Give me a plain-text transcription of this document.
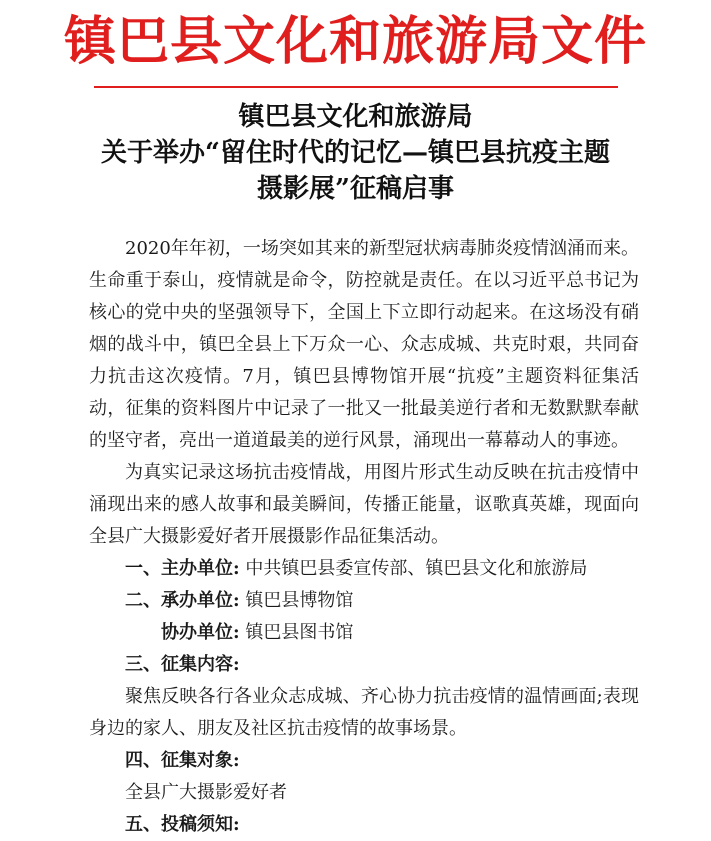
镇巴县文化和旅游局文件
镇巴县文化和旅游局
关于举办“留住时代的记忆—镇巴县抗疫主题
摄影展”征稿启事

2020年年初，一场突如其来的新型冠状病毒肺炎疫情汹涌而来。生命重于泰山，疫情就是命令，防控就是责任。在以习近平总书记为核心的党中央的坚强领导下，全国上下立即行动起来。在这场没有硝烟的战斗中，镇巴全县上下万众一心、众志成城、共克时艰，共同奋力抗击这次疫情。7月，镇巴县博物馆开展“抗疫”主题资料征集活动，征集的资料图片中记录了一批又一批最美逆行者和无数默默奉献的坚守者，亮出一道道最美的逆行风景，涌现出一幕幕动人的事迹。

为真实记录这场抗击疫情战，用图片形式生动反映在抗击疫情中涌现出来的感人故事和最美瞬间，传播正能量，讴歌真英雄，现面向全县广大摄影爱好者开展摄影作品征集活动。

一、主办单位: 中共镇巴县委宣传部、镇巴县文化和旅游局

二、承办单位: 镇巴县博物馆

协办单位: 镇巴县图书馆

三、征集内容:

聚焦反映各行各业众志成城、齐心协力抗击疫情的温情画面;表现身边的家人、朋友及社区抗击疫情的故事场景。

四、征集对象:

全县广大摄影爱好者

五、投稿须知:
